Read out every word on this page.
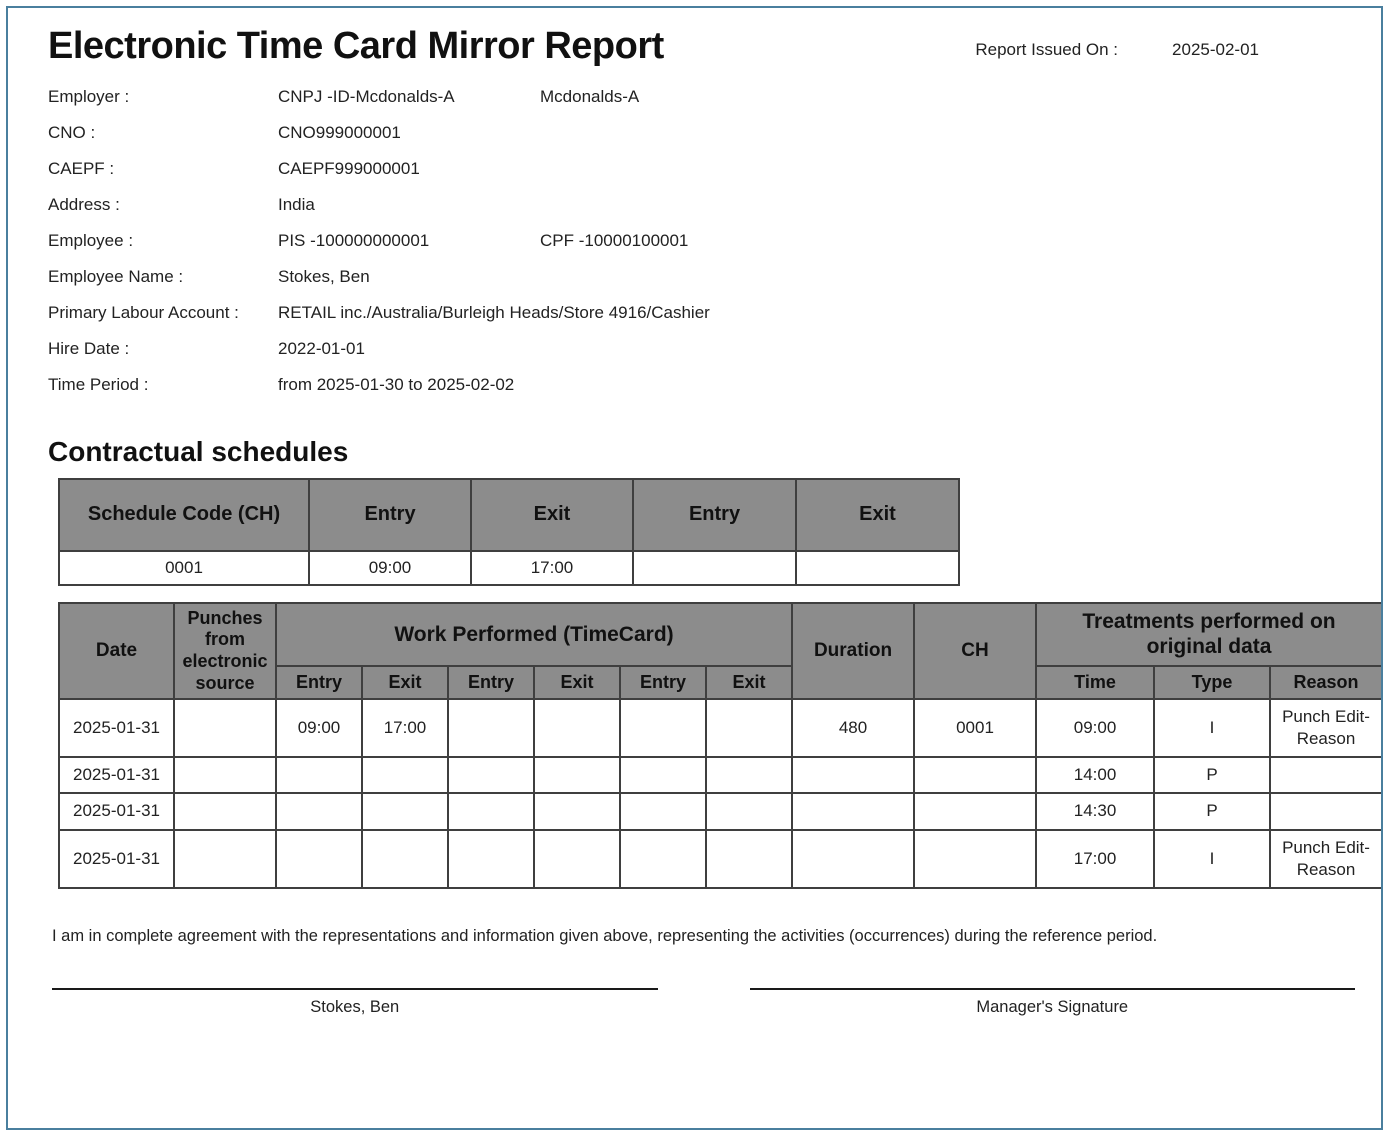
Electronic Time Card Mirror Report	Report Issued On :	2025-02-01
Employer :	CNPJ -ID-Mcdonalds-A	Mcdonalds-A
CNO :	CNO999000001
CAEPF :	CAEPF999000001
Address :	India
Employee :	PIS -100000000001	CPF -10000100001
Employee Name :	Stokes, Ben
Primary Labour Account :	RETAIL inc./Australia/Burleigh Heads/Store 4916/Cashier
Hire Date :	2022-01-01
Time Period :	from 2025-01-30 to 2025-02-02
Contractual schedules
Schedule Code (CH)	Entry	Exit	Entry	Exit
0001	09:00	17:00		
Date	Punches from electronic source	Work Performed (TimeCard)						Duration	CH	Treatments performed on original data		
		Entry	Exit	Entry	Exit	Entry	Exit			Time	Type	Reason
2025-01-31		09:00	17:00					480	0001	09:00	I	Punch Edit-Reason
2025-01-31										14:00	P	
2025-01-31										14:30	P	
2025-01-31										17:00	I	Punch Edit-Reason
I am in complete agreement with the representations and information given above, representing the activities (occurrences) during the reference period.
Stokes, Ben	Manager's Signature
